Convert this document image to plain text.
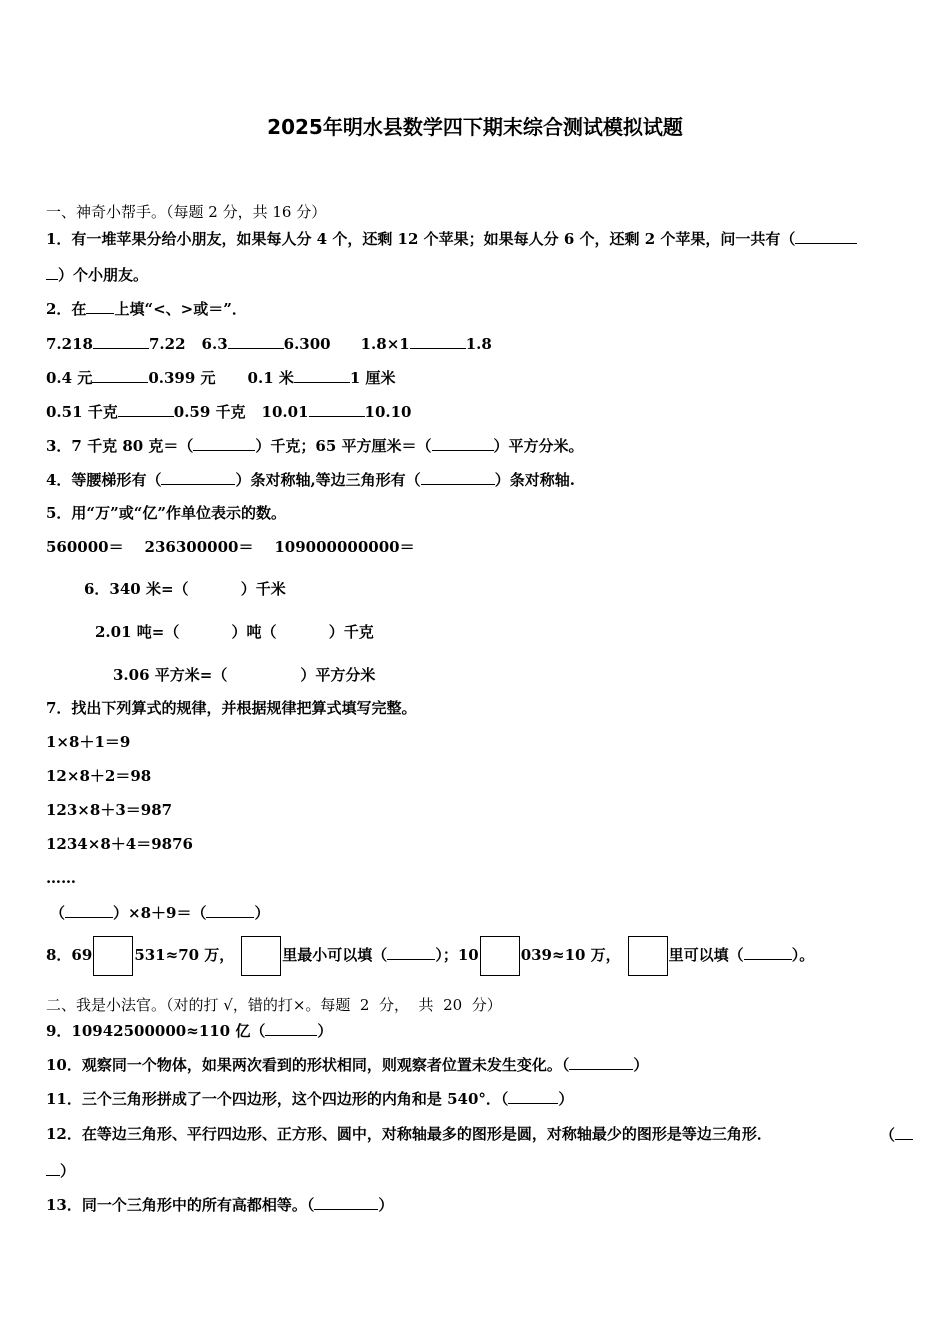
2025年明水县数学四下期末综合测试模拟试题
一、神奇小帮手。（每题 2 分，共 16 分）
1．有一堆苹果分给小朋友，如果每人分 4 个，还剩 12 个苹果；如果每人分 6 个，还剩 2 个苹果，问一共有（
）个小朋友。
2．在 上填“<、>或＝”．
7.218	7.22 6.3	6.300 1.8×1	1.8
0.4 元	0.399 元 0.1 米	1 厘米
0.51 千克	0.59 千克 10.01	10.10
3．7 千克 80 克＝（	）千克；65 平方厘米＝（	）平方分米。
4．等腰梯形有（	）条对称轴,等边三角形有（	）条对称轴.
5．用“万”或“亿”作单位表示的数。
560000＝    236300000＝    109000000000＝
6．340 米=（          ）千米
2.01 吨=（          ）吨（          ）千克
3.06 平方米=（              ）平方分米
7．找出下列算式的规律，并根据规律把算式填写完整。
1×8＋1＝9
12×8＋2＝98
123×8＋3＝987
1234×8＋4＝9876
……
（	）×8＋9＝（	）
8．69	531≈70 万，	里最小可以填（	）；10	039≈10 万，	里可以填（	）。
二、我是小法官。（对的打 √，错的打×。每题  2  分，  共  20  分）
9．10942500000≈110 亿（	）
10．观察同一个物体，如果两次看到的形状相同，则观察者位置未发生变化。（	）
11．三个三角形拼成了一个四边形，这个四边形的内角和是 540°．（	）
12．在等边三角形、平行四边形、正方形、圆中，对称轴最多的图形是圆，对称轴最少的图形是等边三角形．	（
）
13．同一个三角形中的所有高都相等。（	）
